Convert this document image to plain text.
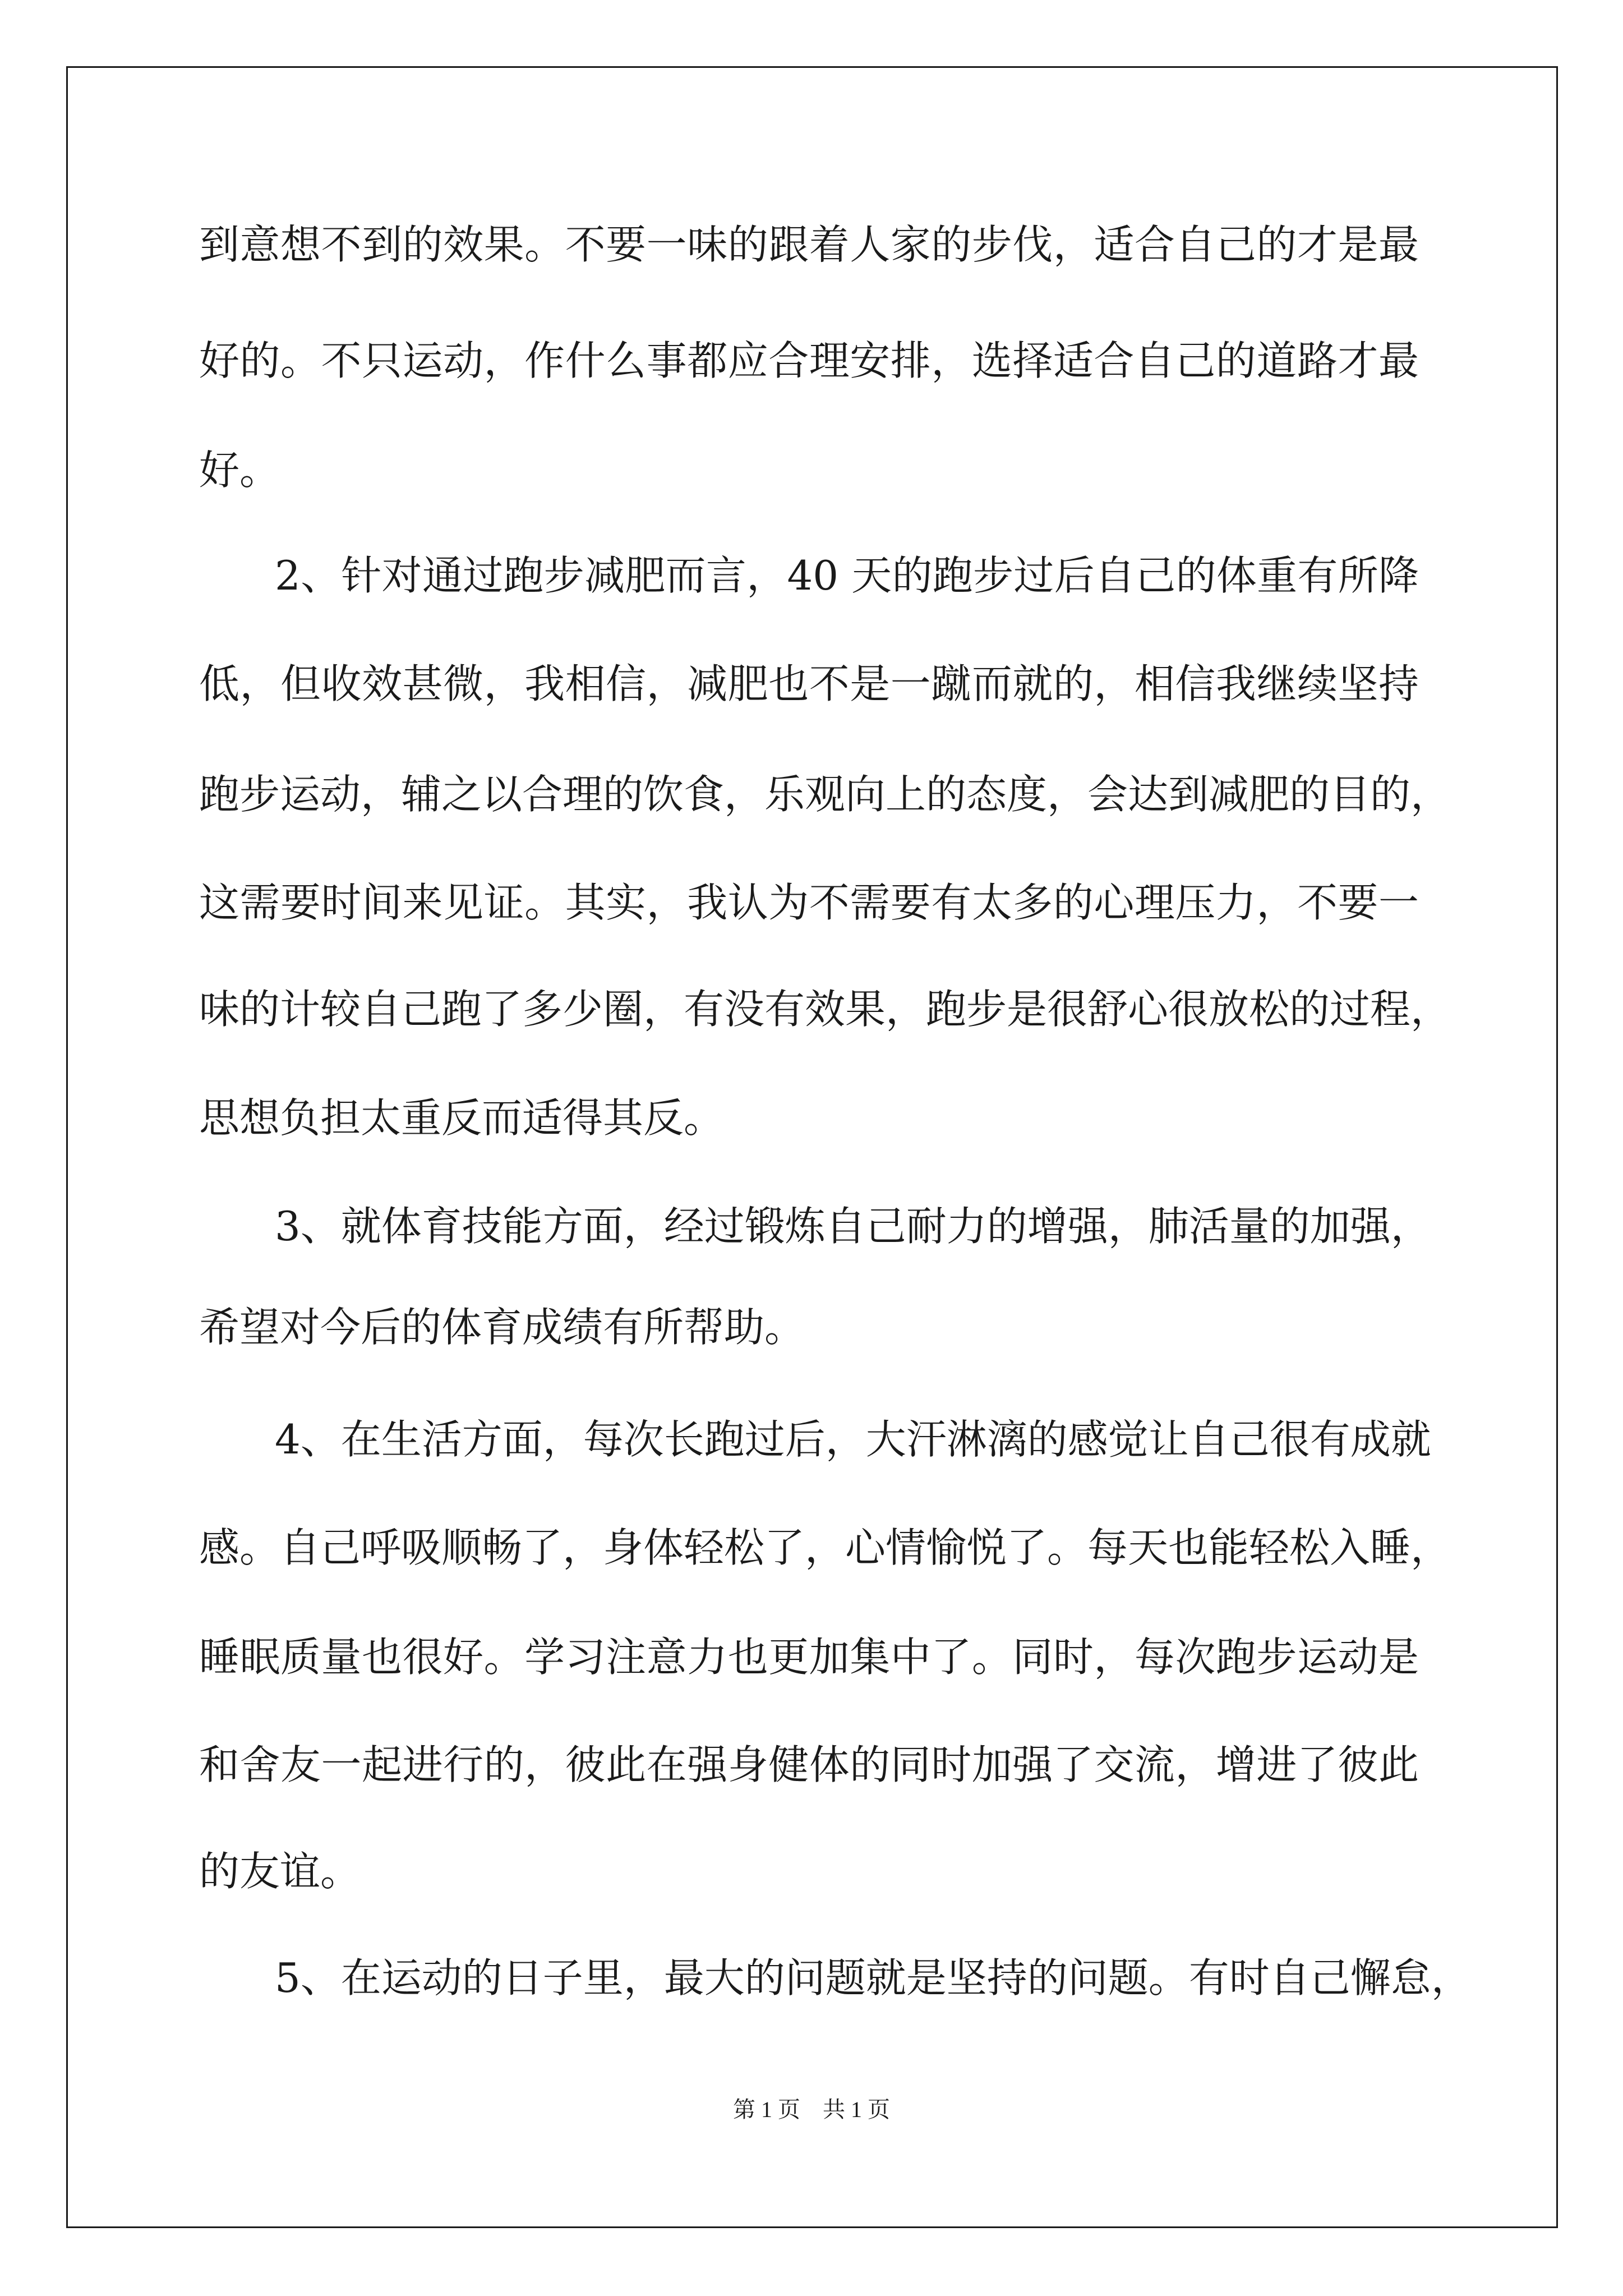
到意想不到的效果。不要一味的跟着人家的步伐，适合自己的才是最

好的。不只运动，作什么事都应合理安排，选择适合自己的道路才最

好。

2、针对通过跑步减肥而言，40 天的跑步过后自己的体重有所降

低，但收效甚微，我相信，减肥也不是一蹴而就的，相信我继续坚持

跑步运动，辅之以合理的饮食，乐观向上的态度，会达到减肥的目的，

这需要时间来见证。其实，我认为不需要有太多的心理压力，不要一

味的计较自己跑了多少圈，有没有效果，跑步是很舒心很放松的过程，

思想负担太重反而适得其反。

3、就体育技能方面，经过锻炼自己耐力的增强，肺活量的加强，

希望对今后的体育成绩有所帮助。

4、在生活方面，每次长跑过后，大汗淋漓的感觉让自己很有成就

感。自己呼吸顺畅了，身体轻松了，心情愉悦了。每天也能轻松入睡，

睡眠质量也很好。学习注意力也更加集中了。同时，每次跑步运动是

和舍友一起进行的，彼此在强身健体的同时加强了交流，增进了彼此

的友谊。

5、在运动的日子里，最大的问题就是坚持的问题。有时自己懈怠，

第 1 页    共 1 页
